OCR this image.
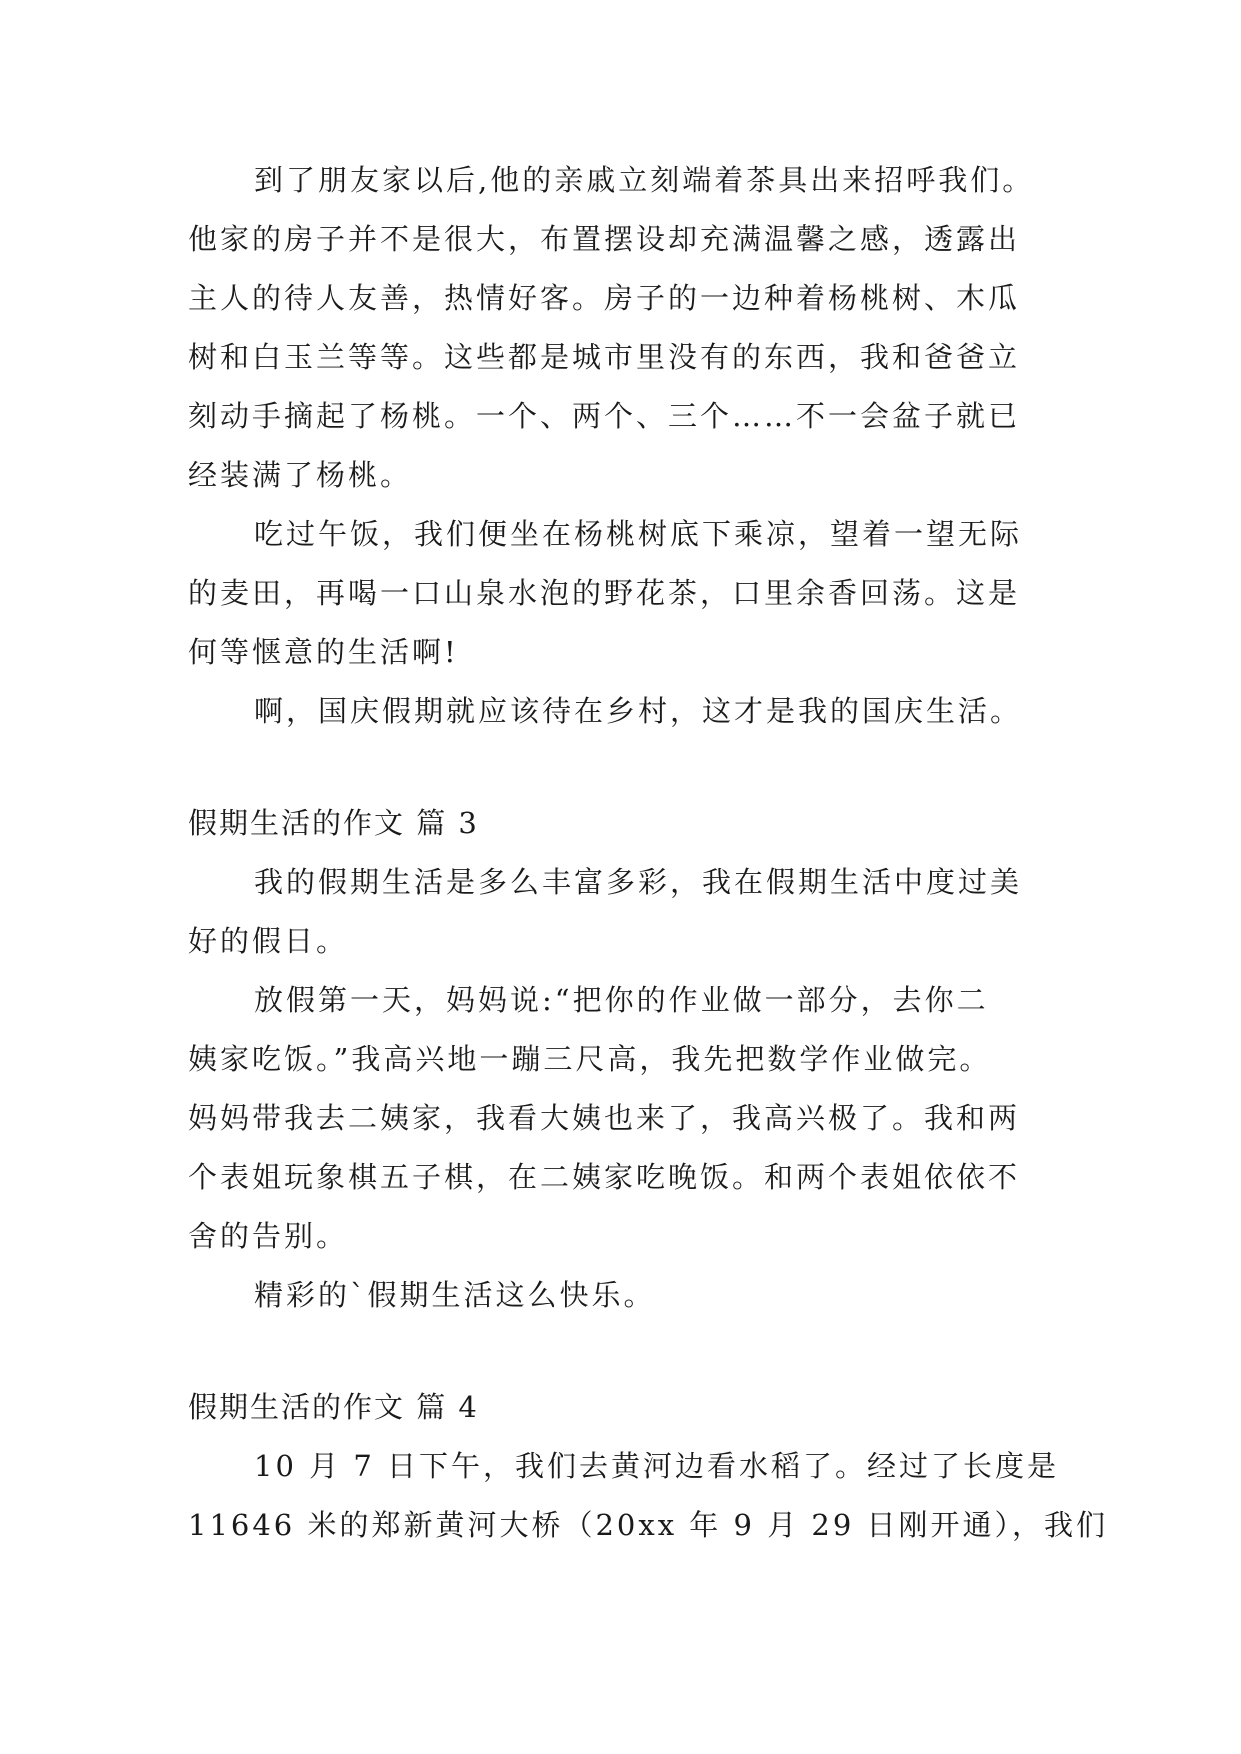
到了朋友家以后,他的亲戚立刻端着茶具出来招呼我们。
他家的房子并不是很大，布置摆设却充满温馨之感，透露出
主人的待人友善，热情好客。房子的一边种着杨桃树、木瓜
树和白玉兰等等。这些都是城市里没有的东西，我和爸爸立
刻动手摘起了杨桃。一个、两个、三个……不一会盆子就已
经装满了杨桃。
吃过午饭，我们便坐在杨桃树底下乘凉，望着一望无际
的麦田，再喝一口山泉水泡的野花茶，口里余香回荡。这是
何等惬意的生活啊!
啊，国庆假期就应该待在乡村，这才是我的国庆生活。
假期生活的作文 篇 3
我的假期生活是多么丰富多彩，我在假期生活中度过美
好的假日。
放假第一天，妈妈说:“把你的作业做一部分，去你二
姨家吃饭。”我高兴地一蹦三尺高，我先把数学作业做完。
妈妈带我去二姨家，我看大姨也来了，我高兴极了。我和两
个表姐玩象棋五子棋，在二姨家吃晚饭。和两个表姐依依不
舍的告别。
精彩的`假期生活这么快乐。
假期生活的作文 篇 4
10 月 7 日下午，我们去黄河边看水稻了。经过了长度是
11646 米的郑新黄河大桥（20xx 年 9 月 29 日刚开通），我们
